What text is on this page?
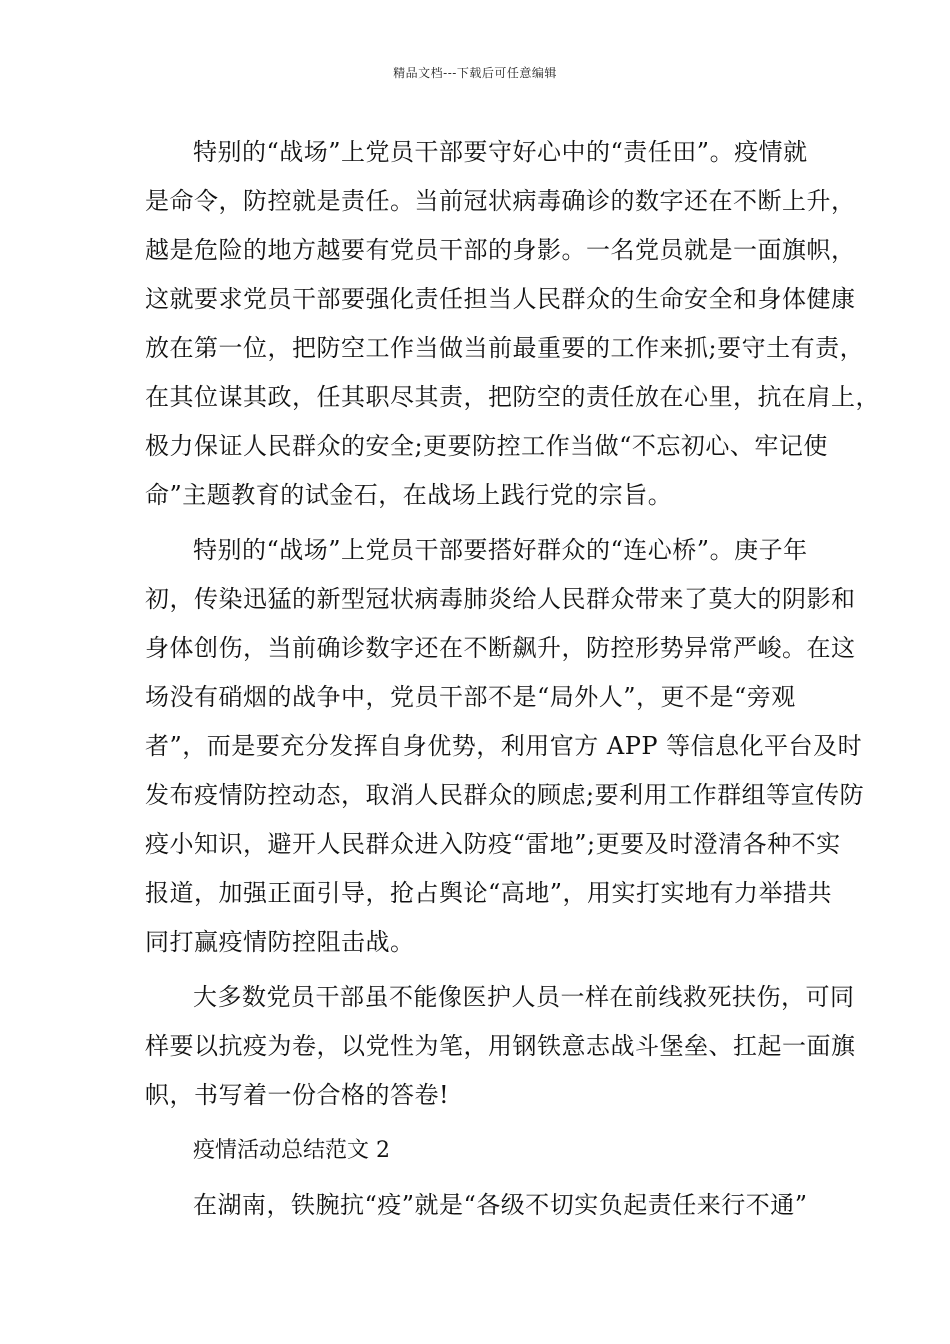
精品文档---下载后可任意编辑
特别的“战场”上党员干部要守好心中的“责任田”。疫情就
是命令，防控就是责任。当前冠状病毒确诊的数字还在不断上升，
越是危险的地方越要有党员干部的身影。一名党员就是一面旗帜，
这就要求党员干部要强化责任担当人民群众的生命安全和身体健康
放在第一位，把防空工作当做当前最重要的工作来抓;要守土有责，
在其位谋其政，任其职尽其责，把防空的责任放在心里，抗在肩上，
极力保证人民群众的安全;更要防控工作当做“不忘初心、牢记使
命”主题教育的试金石，在战场上践行党的宗旨。
特别的“战场”上党员干部要搭好群众的“连心桥”。庚子年
初，传染迅猛的新型冠状病毒肺炎给人民群众带来了莫大的阴影和
身体创伤，当前确诊数字还在不断飙升，防控形势异常严峻。在这
场没有硝烟的战争中，党员干部不是“局外人”，更不是“旁观
者”，而是要充分发挥自身优势，利用官方 APP 等信息化平台及时
发布疫情防控动态，取消人民群众的顾虑;要利用工作群组等宣传防
疫小知识，避开人民群众进入防疫“雷地”;更要及时澄清各种不实
报道，加强正面引导，抢占舆论“高地”，用实打实地有力举措共
同打赢疫情防控阻击战。
大多数党员干部虽不能像医护人员一样在前线救死扶伤，可同
样要以抗疫为卷，以党性为笔，用钢铁意志战斗堡垒、扛起一面旗
帜，书写着一份合格的答卷!
疫情活动总结范文 2
在湖南，铁腕抗“疫”就是“各级不切实负起责任来行不通”
